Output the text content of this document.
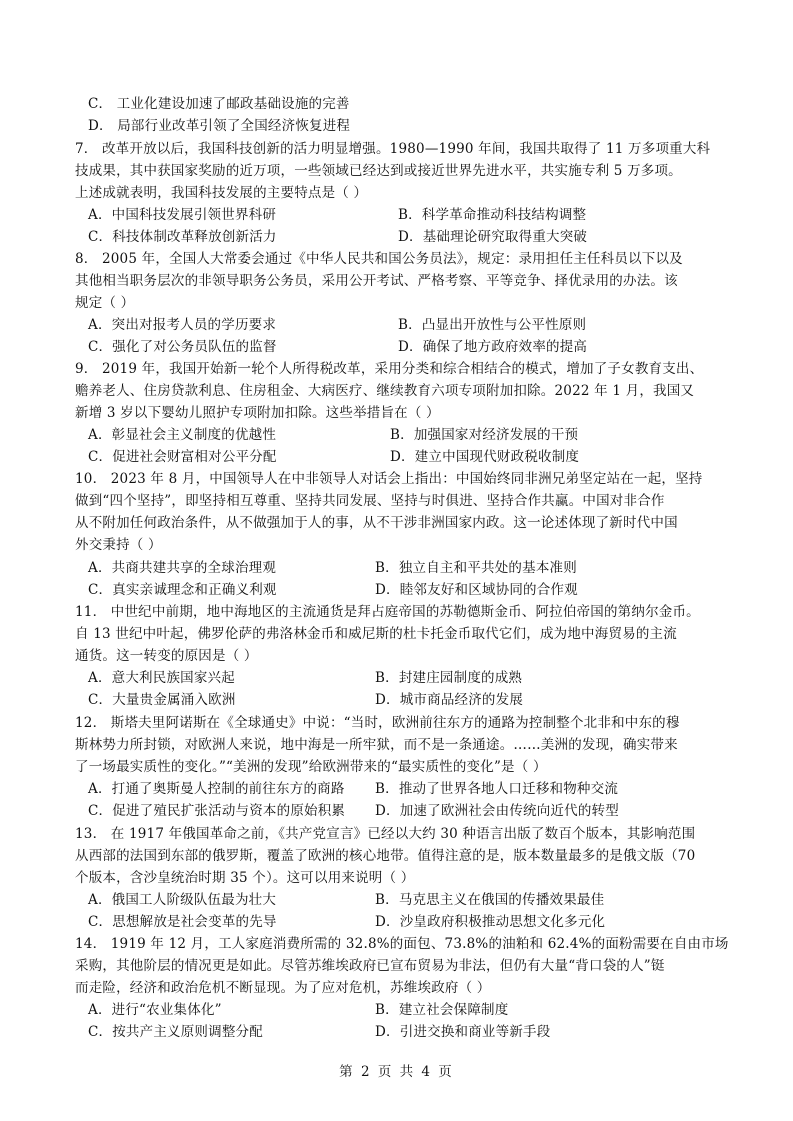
C． 工业化建设加速了邮政基础设施的完善
D． 局部行业改革引领了全国经济恢复进程
7． 改革开放以后，我国科技创新的活力明显增强。1980—1990 年间，我国共取得了 11 万多项重大科
技成果，其中获国家奖励的近万项，一些领域已经达到或接近世界先进水平，共实施专利 5 万多项。
上述成就表明，我国科技发展的主要特点是（ ）
A．中国科技发展引领世界科研	B．科学革命推动科技结构调整
C．科技体制改革释放创新活力	D．基础理论研究取得重大突破
8． 2005 年，全国人大常委会通过《中华人民共和国公务员法》，规定：录用担任主任科员以下以及
其他相当职务层次的非领导职务公务员，采用公开考试、严格考察、平等竞争、择优录用的办法。该
规定（ ）
A．突出对报考人员的学历要求	B．凸显出开放性与公平性原则
C．强化了对公务员队伍的监督	D．确保了地方政府效率的提高
9． 2019 年，我国开始新一轮个人所得税改革，采用分类和综合相结合的模式，增加了子女教育支出、
赡养老人、住房贷款利息、住房租金、大病医疗、继续教育六项专项附加扣除。2022 年 1 月，我国又
新增 3 岁以下婴幼儿照护专项附加扣除。这些举措旨在（ ）
A．彰显社会主义制度的优越性	B．加强国家对经济发展的干预
C．促进社会财富相对公平分配	D．建立中国现代财政税收制度
10． 2023 年 8 月，中国领导人在中非领导人对话会上指出：中国始终同非洲兄弟坚定站在一起，坚持
做到“四个坚持”，即坚持相互尊重、坚持共同发展、坚持与时俱进、坚持合作共赢。中国对非合作
从不附加任何政治条件，从不做强加于人的事，从不干涉非洲国家内政。这一论述体现了新时代中国
外交秉持（ ）
A．共商共建共享的全球治理观	B．独立自主和平共处的基本准则
C．真实亲诚理念和正确义利观	D．睦邻友好和区域协同的合作观
11． 中世纪中前期，地中海地区的主流通货是拜占庭帝国的苏勒德斯金币、阿拉伯帝国的第纳尔金币。
自 13 世纪中叶起，佛罗伦萨的弗洛林金币和威尼斯的杜卡托金币取代它们，成为地中海贸易的主流
通货。这一转变的原因是（ ）
A．意大利民族国家兴起	B．封建庄园制度的成熟
C．大量贵金属涌入欧洲	D．城市商品经济的发展
12． 斯塔夫里阿诺斯在《全球通史》中说：“当时，欧洲前往东方的通路为控制整个北非和中东的穆
斯林势力所封锁，对欧洲人来说，地中海是一所牢狱，而不是一条通途。……美洲的发现，确实带来
了一场最实质性的变化。”“美洲的发现”给欧洲带来的“最实质性的变化”是（ ）
A．打通了奥斯曼人控制的前往东方的商路 B．推动了世界各地人口迁移和物种交流
C．促进了殖民扩张活动与资本的原始积累 D．加速了欧洲社会由传统向近代的转型
13． 在 1917 年俄国革命之前，《共产党宣言》已经以大约 30 种语言出版了数百个版本，其影响范围
从西部的法国到东部的俄罗斯，覆盖了欧洲的核心地带。值得注意的是，版本数量最多的是俄文版（70
个版本，含沙皇统治时期 35 个）。这可以用来说明（ ）
A．俄国工人阶级队伍最为壮大	B．马克思主义在俄国的传播效果最佳
C．思想解放是社会变革的先导	D．沙皇政府积极推动思想文化多元化
14． 1919 年 12 月，工人家庭消费所需的 32.8%的面包、73.8%的油粕和 62.4%的面粉需要在自由市场
采购，其他阶层的情况更是如此。尽管苏维埃政府已宣布贸易为非法，但仍有大量“背口袋的人”铤
而走险，经济和政治危机不断显现。为了应对危机，苏维埃政府（ ）
A．进行“农业集体化”	B．建立社会保障制度
C．按共产主义原则调整分配	D．引进交换和商业等新手段
第 2 页 共 4 页
